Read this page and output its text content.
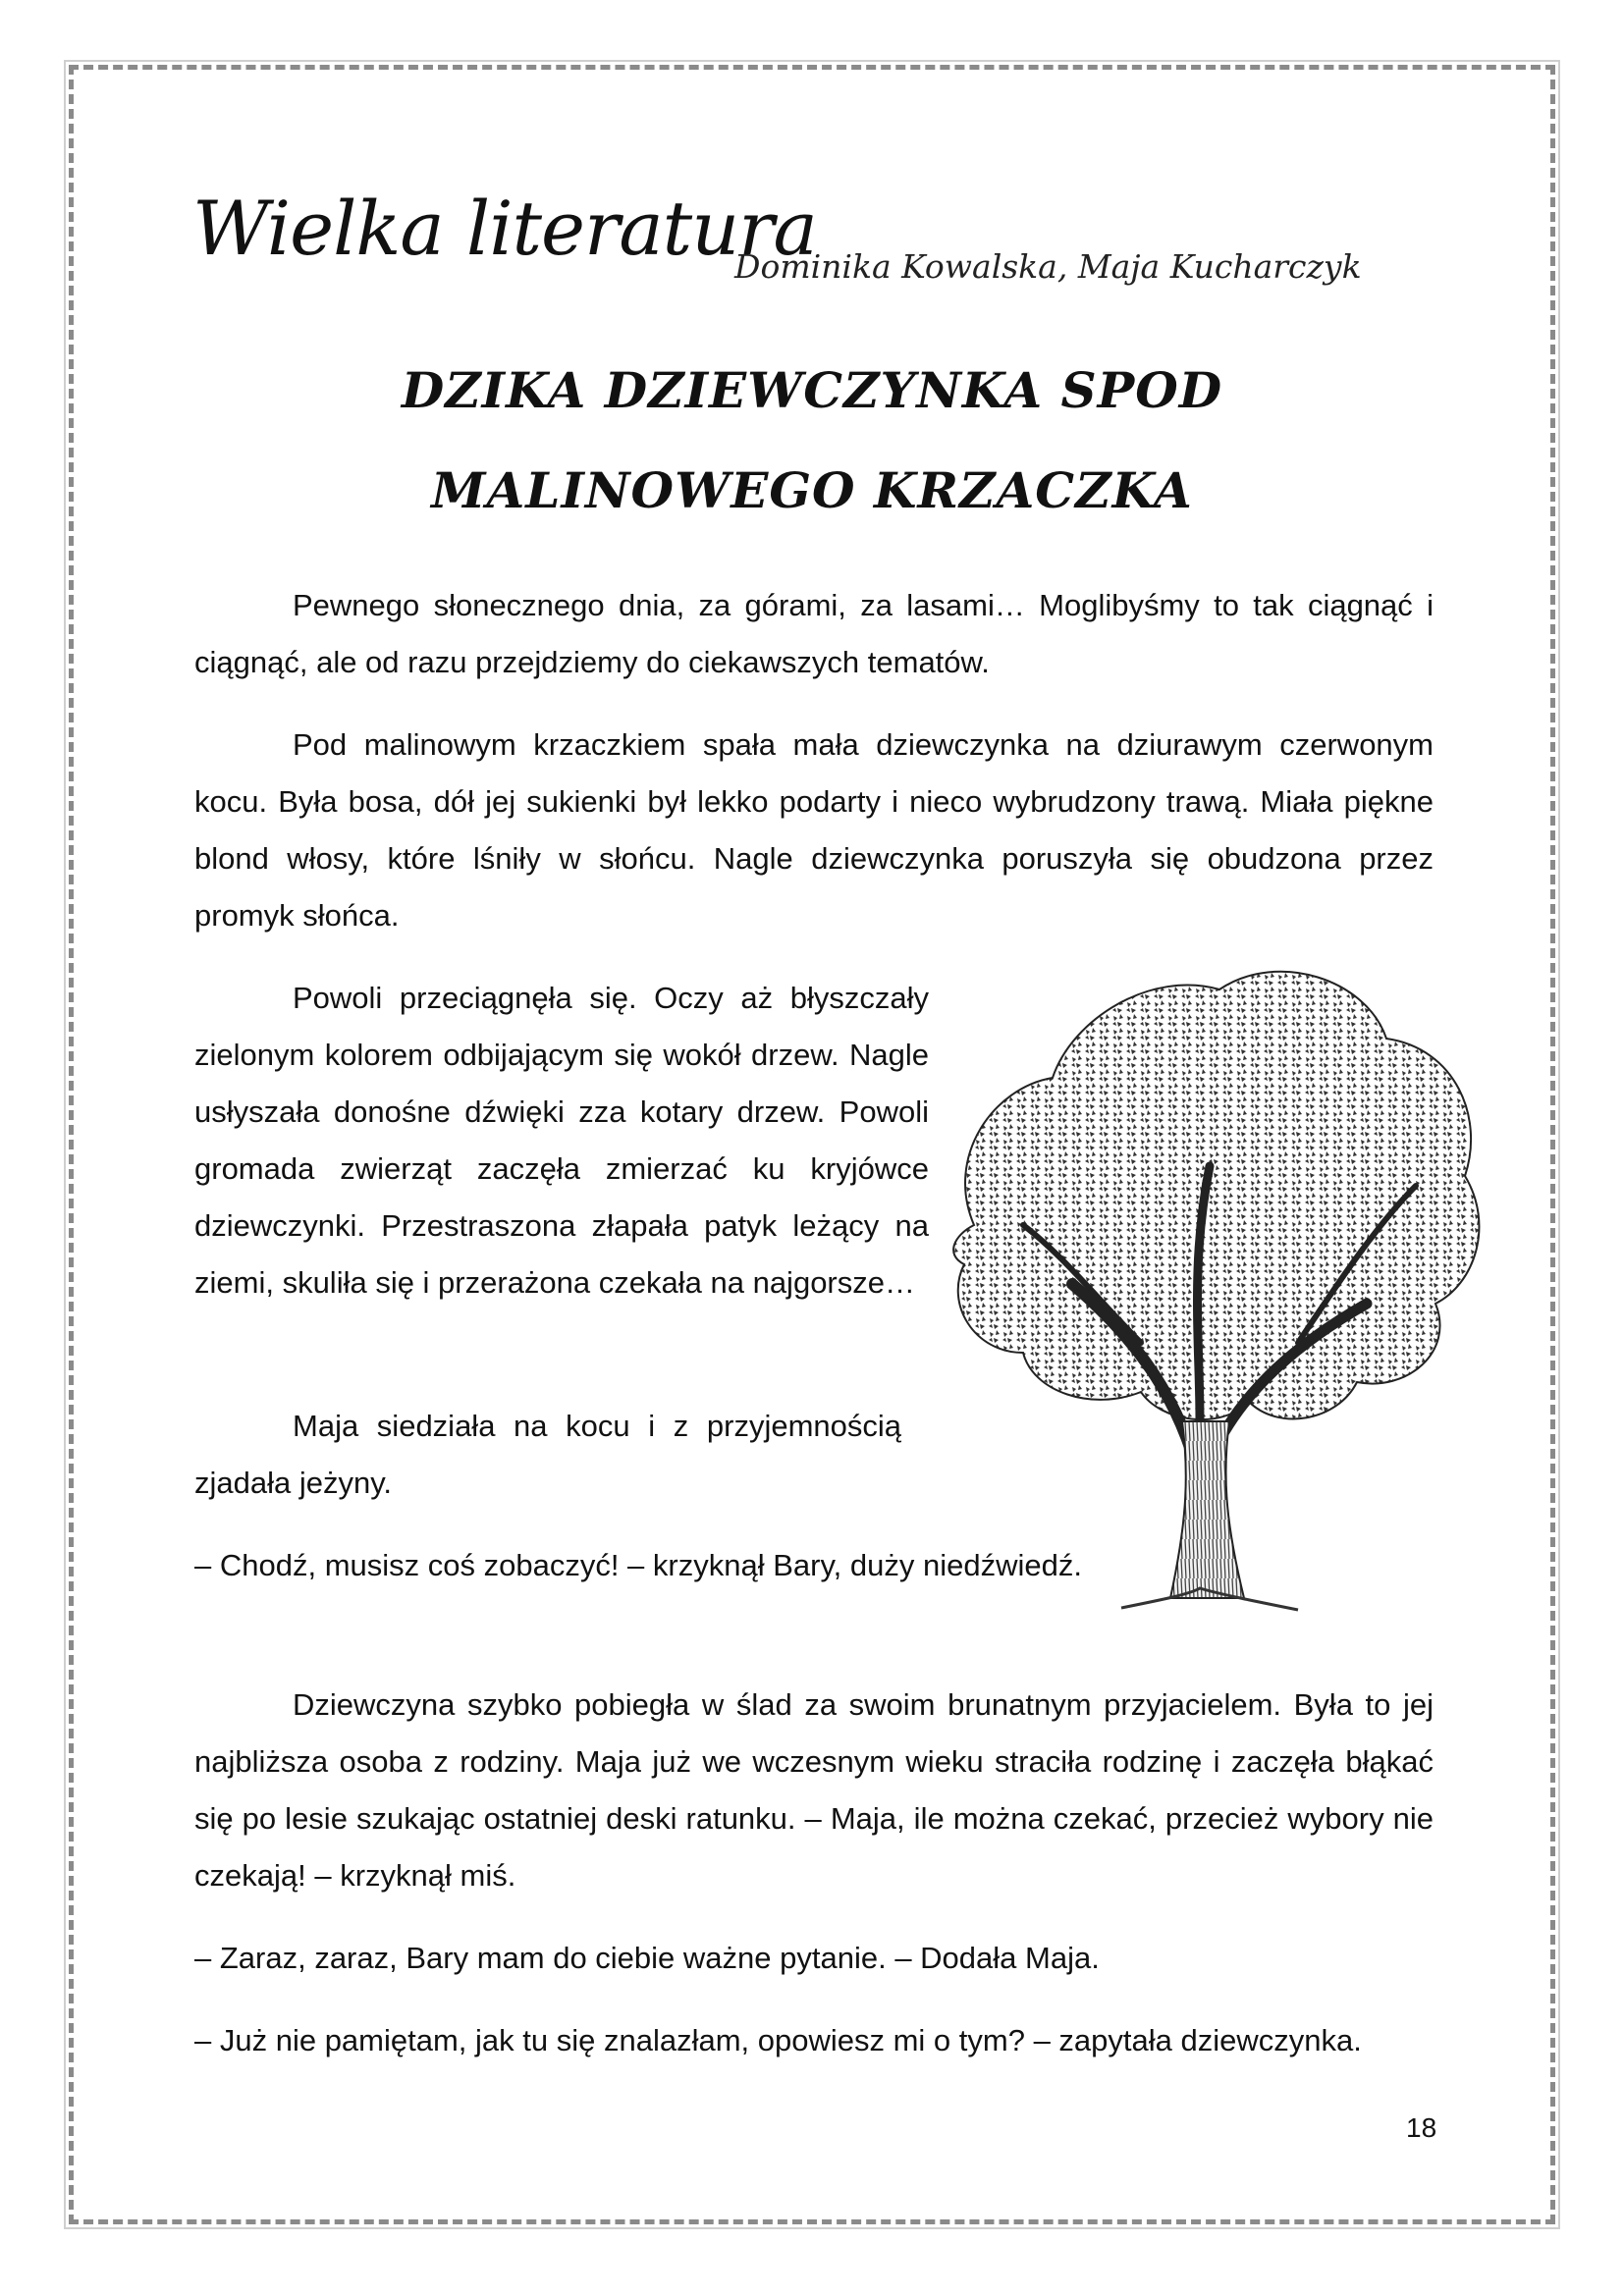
Wielka literatura
Dominika Kowalska, Maja Kucharczyk
DZIKA DZIEWCZYNKA SPOD
MALINOWEGO KRZACZKA

Pewnego słonecznego dnia, za górami, za lasami… Moglibyśmy to tak ciągnąć i ciągnąć, ale od razu przejdziemy do ciekawszych tematów.

Pod malinowym krzaczkiem spała mała dziewczynka na dziurawym czerwonym kocu. Była bosa, dół jej sukienki był lekko podarty i nieco wybrudzony trawą. Miała piękne blond włosy, które lśniły w słońcu. Nagle dziewczynka poruszyła się obudzona przez promyk słońca.

Powoli przeciągnęła się. Oczy aż błyszczały zielonym kolorem odbijającym się wokół drzew. Nagle usłyszała donośne dźwięki zza kotary drzew. Powoli gromada zwierząt zaczęła zmierzać ku kryjówce dziewczynki. Przestraszona złapała patyk leżący na ziemi, skuliła się i przerażona czekała na najgorsze…

Maja siedziała na kocu i z przyjemnością zjadała jeżyny.

– Chodź, musisz coś zobaczyć! – krzyknął Bary, duży niedźwiedź.

Dziewczyna szybko pobiegła w ślad za swoim brunatnym przyjacielem. Była to jej najbliższa osoba z rodziny. Maja już we wczesnym wieku straciła rodzinę i zaczęła błąkać się po lesie szukając ostatniej deski ratunku. – Maja, ile można czekać, przecież wybory nie czekają! – krzyknął miś.

– Zaraz, zaraz, Bary mam do ciebie ważne pytanie. – Dodała Maja.

– Już nie pamiętam, jak tu się znalazłam, opowiesz mi o tym? – zapytała dziewczynka.

18
